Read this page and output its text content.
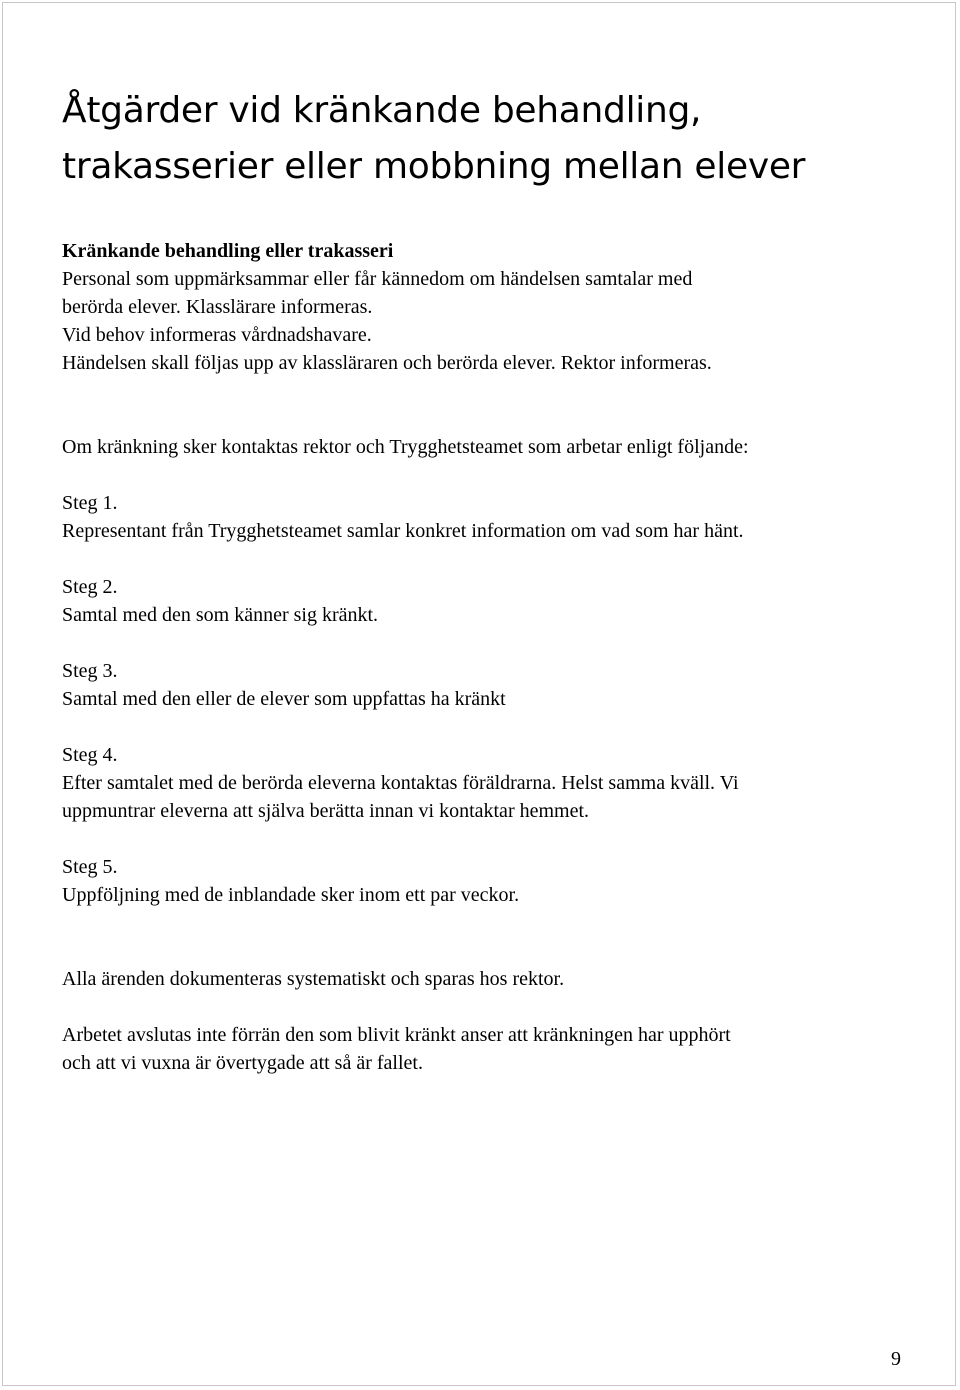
Åtgärder vid kränkande behandling,
trakasserier eller mobbning mellan elever

Kränkande behandling eller trakasseri

Personal som uppmärksammar eller får kännedom om händelsen samtalar med
berörda elever. Klasslärare informeras.
Vid behov informeras vårdnadshavare.
Händelsen skall följas upp av klassläraren och berörda elever. Rektor informeras.

Om kränkning sker kontaktas rektor och Trygghetsteamet som arbetar enligt följande:

Steg 1.

Representant från Trygghetsteamet samlar konkret information om vad som har hänt.

Steg 2.

Samtal med den som känner sig kränkt.

Steg 3.

Samtal med den eller de elever som uppfattas ha kränkt

Steg 4.

Efter samtalet med de berörda eleverna kontaktas föräldrarna. Helst samma kväll. Vi
uppmuntrar eleverna att själva berätta innan vi kontaktar hemmet.

Steg 5.

Uppföljning med de inblandade sker inom ett par veckor.

Alla ärenden dokumenteras systematiskt och sparas hos rektor.

Arbetet avslutas inte förrän den som blivit kränkt anser att kränkningen har upphört
och att vi vuxna är övertygade att så är fallet.

9
